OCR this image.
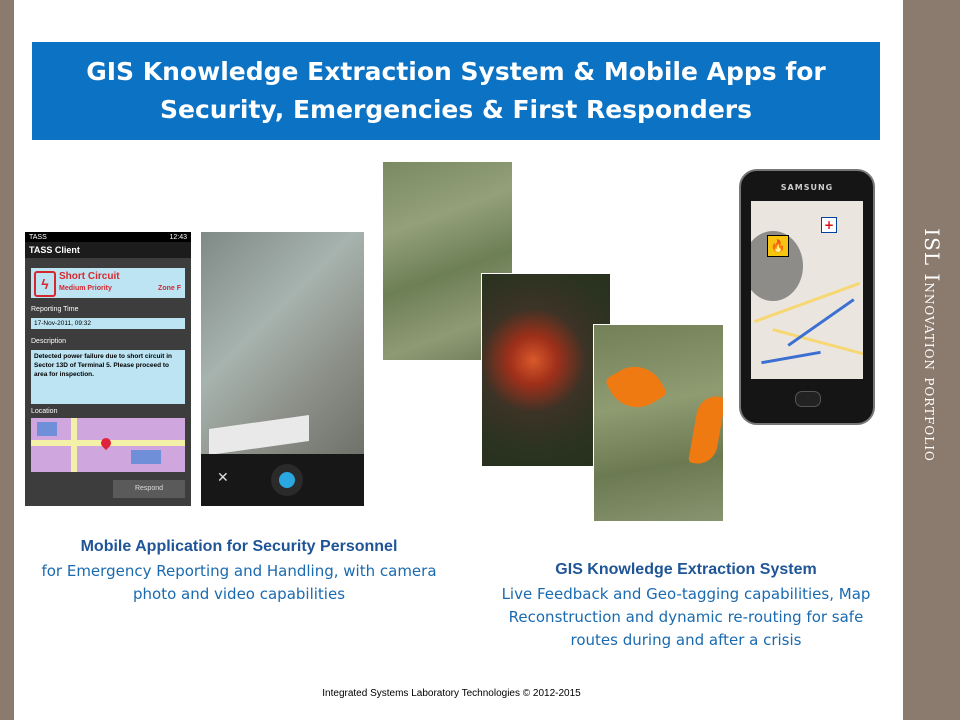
ISL Innovation portfolio
GIS Knowledge Extraction System & Mobile Apps for
Security, Emergencies & First Responders
TASS	12:43
TASS Client
ϟ	Short Circuit
Medium Priority	Zone F
Reporting Time
17-Nov-2011, 09:32
Description
Detected power failure due to short circuit in Sector 13D of Terminal 5. Please proceed to area for inspection.
Location
Respond
✕
SAMSUNG
🔥
+
Mobile Application for Security Personnel
for Emergency Reporting and Handling, with camera
photo and video capabilities
GIS Knowledge Extraction System
Live Feedback and Geo-tagging capabilities, Map
Reconstruction and dynamic re-routing for safe
routes during and after a crisis
Integrated Systems Laboratory Technologies © 2012-2015
